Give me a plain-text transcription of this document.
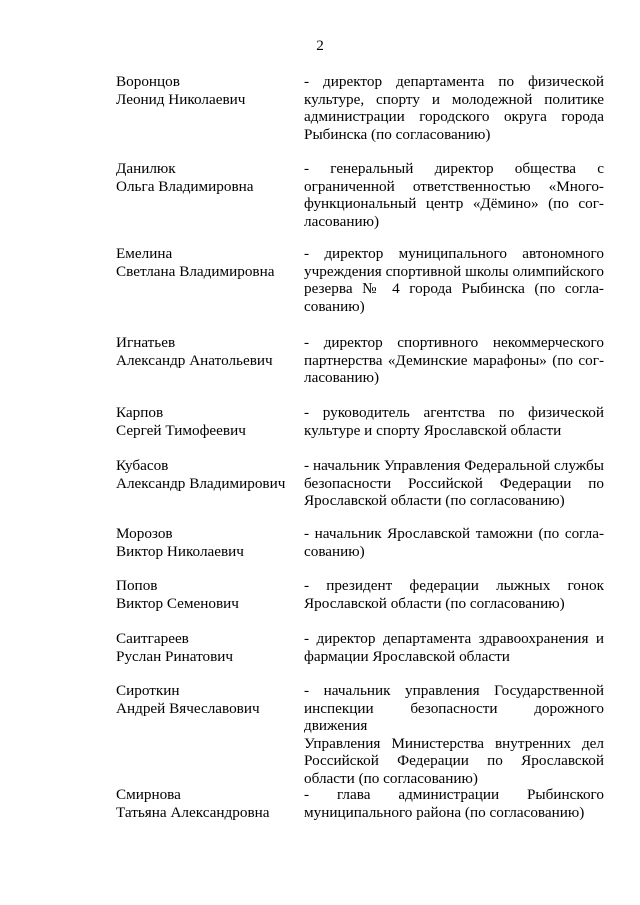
2
Воронцов
Леонид Николаевич
- директор департамента по физической
культуре, спорту и молодежной политике
администрации городского округа города
Рыбинска (по согласованию)
Данилюк
Ольга Владимировна
- генеральный директор общества с
ограниченной ответственностью «Много-
функциональный центр «Дёмино» (по сог-
ласованию)
Емелина
Светлана Владимировна
- директор муниципального автономного
учреждения спортивной школы олимпийского
резерва № 4 города Рыбинска (по согла-
сованию)
Игнатьев
Александр Анатольевич
- директор спортивного некоммерческого
партнерства «Деминские марафоны» (по сог-
ласованию)
Карпов
Сергей Тимофеевич
- руководитель агентства по физической
культуре и спорту Ярославской области
Кубасов
Александр Владимирович
- начальник Управления Федеральной службы
безопасности Российской Федерации по
Ярославской области (по согласованию)
Морозов
Виктор Николаевич
- начальник Ярославской таможни (по согла-
сованию)
Попов
Виктор Семенович
- президент федерации лыжных гонок
Ярославской области (по согласованию)
Саитгареев
Руслан Ринатович
- директор департамента здравоохранения и
фармации Ярославской области
Сироткин
Андрей Вячеславович
- начальник управления Государственной
инспекции безопасности дорожного движения
Управления Министерства внутренних дел
Российской Федерации по Ярославской
области (по согласованию)
Смирнова
Татьяна Александровна
- глава администрации Рыбинского
муниципального района (по согласованию)
